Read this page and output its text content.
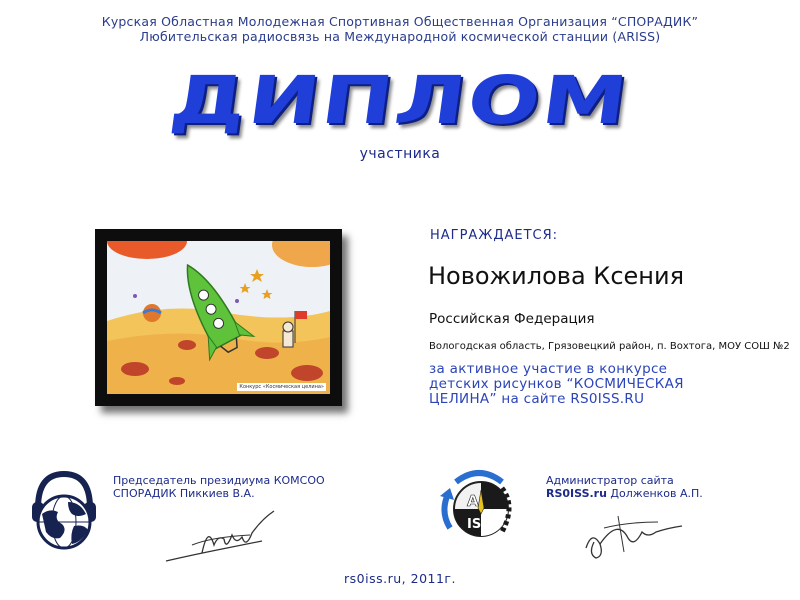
Курская Областная Молодежная Спортивная Общественная Организация “СПОРАДИК”
Любительская радиосвязь на Международной космической станции (ARISS)
ДИПЛОМ
участника
Конкурс «Космическая целина»
НАГРАЖДАЕТСЯ:
Новожилова Ксения
Российская Федерация
Вологодская область, Грязовецкий район, п. Вохтога, МОУ СОШ №2
за активное участие в конкурсе
детских рисунков “КОСМИЧЕСКАЯ
ЦЕЛИНА” на сайте RS0ISS.RU
Председатель президиума КОМСОО
СПОРАДИК Пиккиев В.А.	A R
ISS
Администратор сайта
RS0ISS.ru Долженков А.П.
rs0iss.ru, 2011г.
